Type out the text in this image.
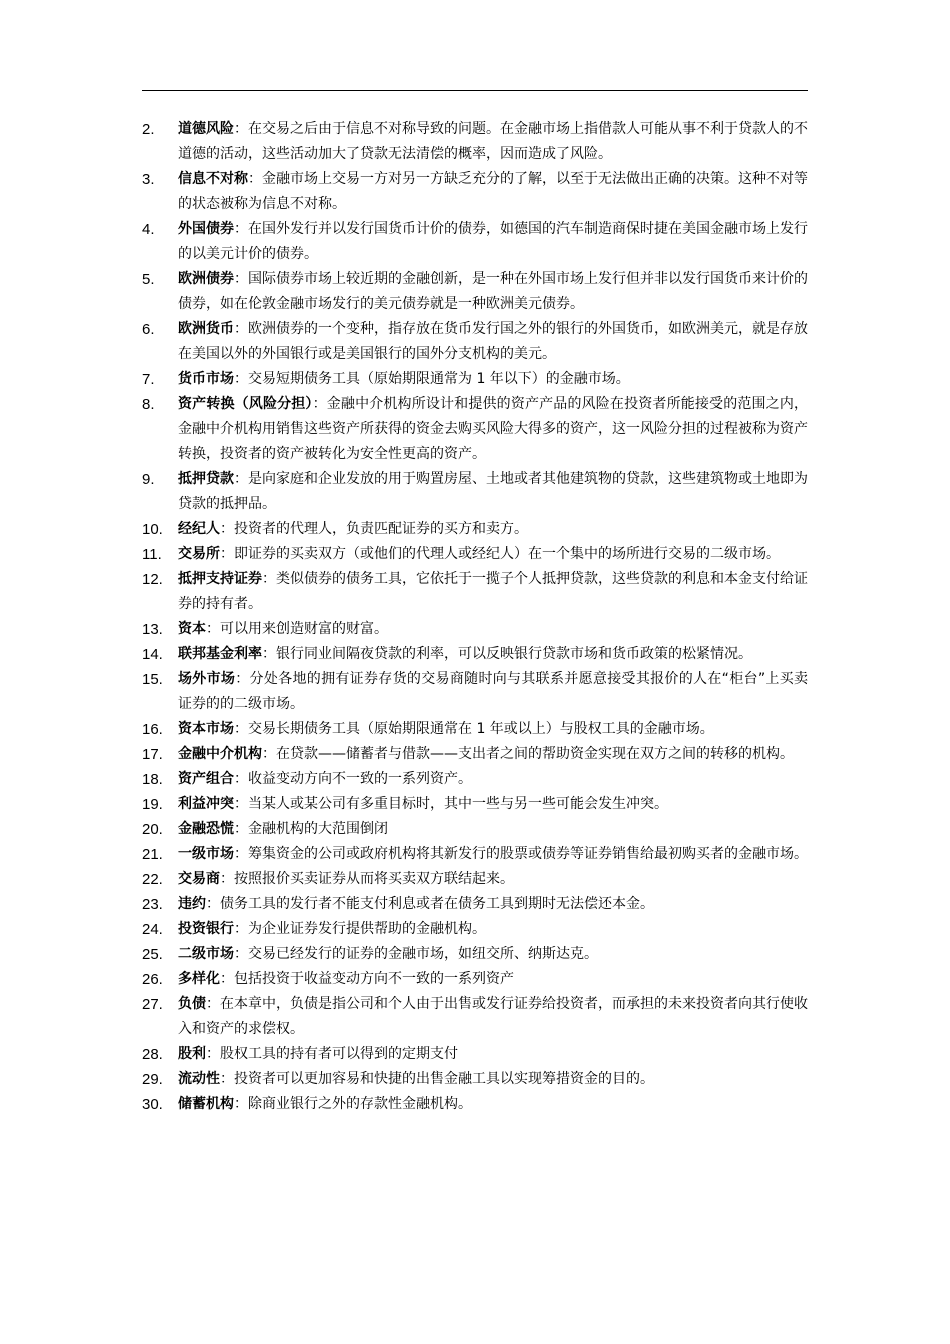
2.	道德风险：在交易之后由于信息不对称导致的问题。在金融市场上指借款人可能从事不利于贷款人的不道德的活动，这些活动加大了贷款无法清偿的概率，因而造成了风险。
3.	信息不对称：金融市场上交易一方对另一方缺乏充分的了解，以至于无法做出正确的决策。这种不对等的状态被称为信息不对称。
4.	外国债券：在国外发行并以发行国货币计价的债券，如德国的汽车制造商保时捷在美国金融市场上发行的以美元计价的债券。
5.	欧洲债券：国际债券市场上较近期的金融创新，是一种在外国市场上发行但并非以发行国货币来计价的债券，如在伦敦金融市场发行的美元债券就是一种欧洲美元债券。
6.	欧洲货币：欧洲债券的一个变种，指存放在货币发行国之外的银行的外国货币，如欧洲美元，就是存放在美国以外的外国银行或是美国银行的国外分支机构的美元。
7.	货币市场：交易短期债务工具（原始期限通常为 1 年以下）的金融市场。
8.	资产转换（风险分担）：金融中介机构所设计和提供的资产产品的风险在投资者所能接受的范围之内，金融中介机构用销售这些资产所获得的资金去购买风险大得多的资产，这一风险分担的过程被称为资产转换，投资者的资产被转化为安全性更高的资产。
9.	抵押贷款：是向家庭和企业发放的用于购置房屋、土地或者其他建筑物的贷款，这些建筑物或土地即为贷款的抵押品。
10.	经纪人：投资者的代理人，负责匹配证券的买方和卖方。
11.	交易所：即证券的买卖双方（或他们的代理人或经纪人）在一个集中的场所进行交易的二级市场。
12.	抵押支持证券：类似债券的债务工具，它依托于一揽子个人抵押贷款，这些贷款的利息和本金支付给证券的持有者。
13.	资本：可以用来创造财富的财富。
14.	联邦基金利率：银行同业间隔夜贷款的利率，可以反映银行贷款市场和货币政策的松紧情况。
15.	场外市场：分处各地的拥有证券存货的交易商随时向与其联系并愿意接受其报价的人在“柜台”上买卖证券的的二级市场。
16.	资本市场：交易长期债务工具（原始期限通常在 1 年或以上）与股权工具的金融市场。
17.	金融中介机构：在贷款——储蓄者与借款——支出者之间的帮助资金实现在双方之间的转移的机构。
18.	资产组合：收益变动方向不一致的一系列资产。
19.	利益冲突：当某人或某公司有多重目标时，其中一些与另一些可能会发生冲突。
20.	金融恐慌：金融机构的大范围倒闭
21.	一级市场：筹集资金的公司或政府机构将其新发行的股票或债券等证券销售给最初购买者的金融市场。
22.	交易商：按照报价买卖证券从而将买卖双方联结起来。
23.	违约：债务工具的发行者不能支付利息或者在债务工具到期时无法偿还本金。
24.	投资银行：为企业证券发行提供帮助的金融机构。
25.	二级市场：交易已经发行的证券的金融市场，如纽交所、纳斯达克。
26.	多样化：包括投资于收益变动方向不一致的一系列资产
27.	负债：在本章中，负债是指公司和个人由于出售或发行证券给投资者，而承担的未来投资者向其行使收入和资产的求偿权。
28.	股利：股权工具的持有者可以得到的定期支付
29.	流动性：投资者可以更加容易和快捷的出售金融工具以实现筹措资金的目的。
30.	储蓄机构：除商业银行之外的存款性金融机构。
